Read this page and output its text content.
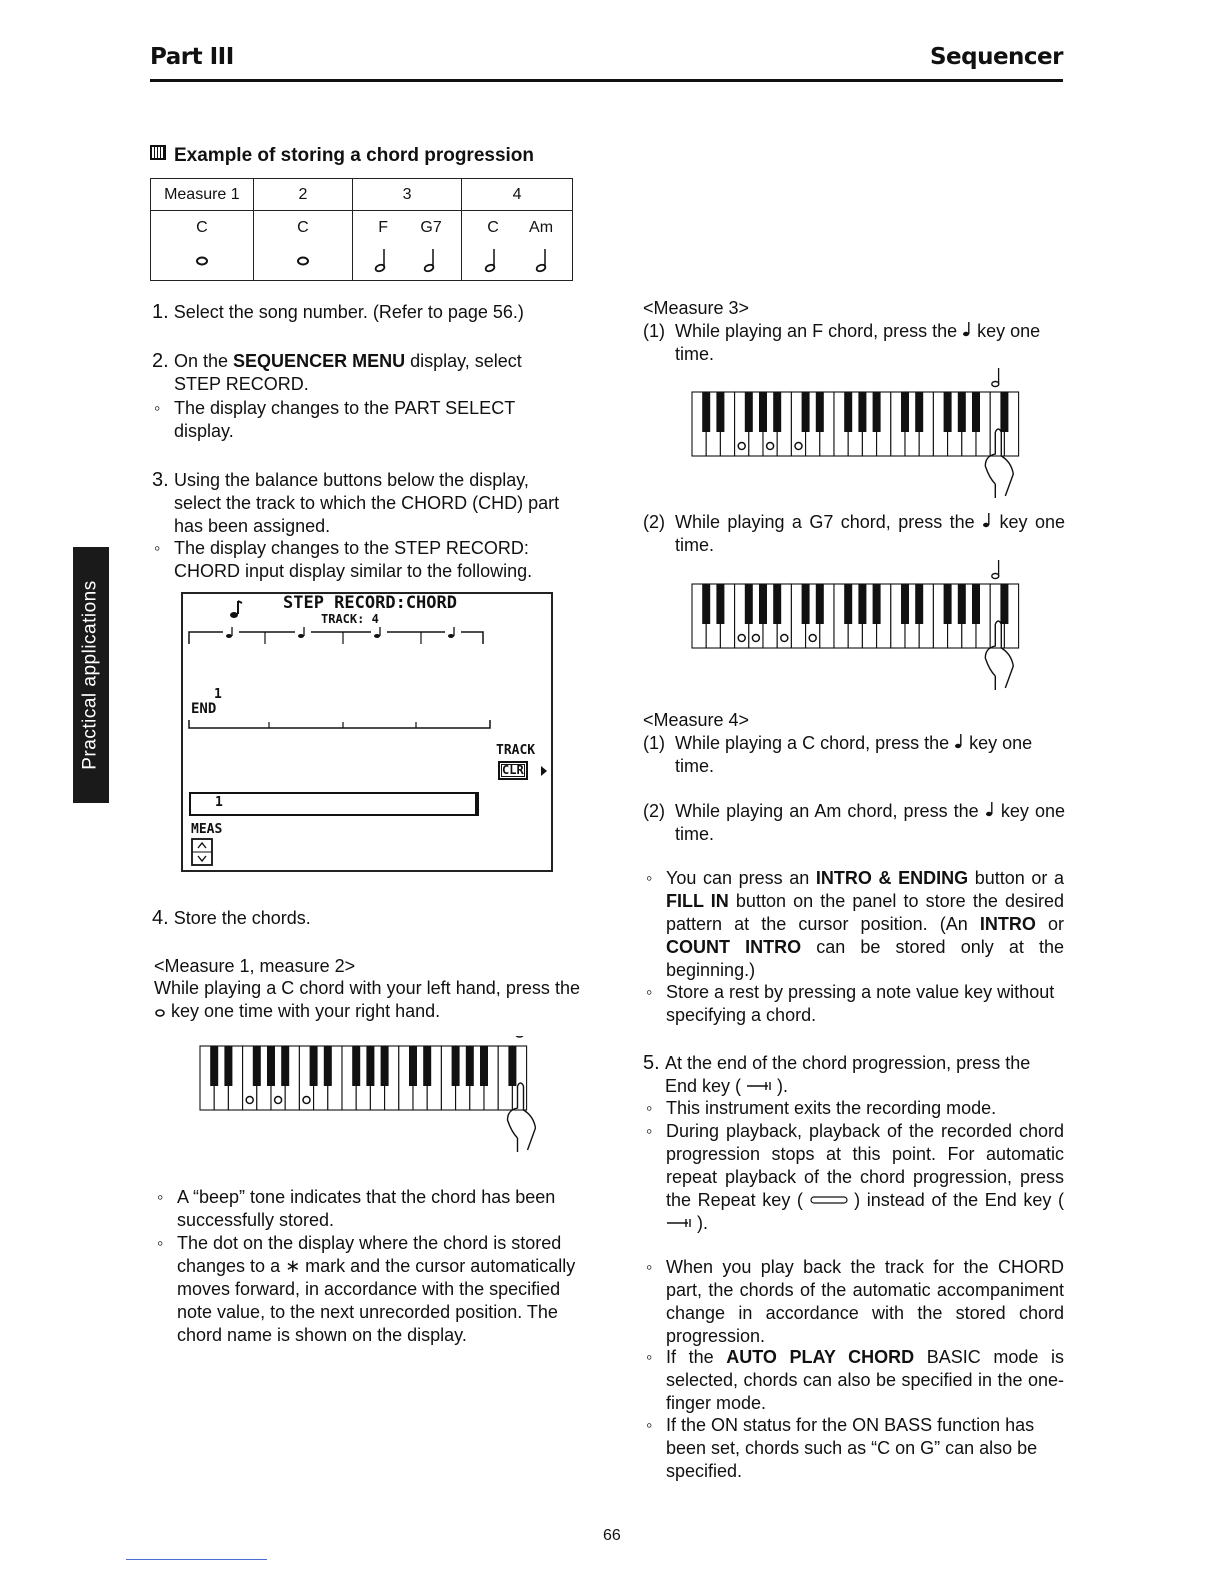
Part III	Sequencer
Practical applications
Example of storing a chord progression
Measure 1	2	3	4
C	C	F G7	C Am

1. Select the song number. (Refer to page 56.)
2. On the SEQUENCER MENU display, select
STEP RECORD.
◦ The display changes to the PART SELECT display.
3. Using the balance buttons below the display, select the track to which the CHORD (CHD) part has been assigned.
◦ The display changes to the STEP RECORD: CHORD input display similar to the following.
STEP RECORD:CHORD
TRACK: 4
1
END
TRACK
CLR
1
MEAS
4. Store the chords.
<Measure 1, measure 2>
While playing a C chord with your left hand, press the  key one time with your right hand.
◦ A “beep” tone indicates that the chord has been successfully stored.
◦ The dot on the display where the chord is stored changes to a ∗ mark and the cursor automatically moves forward, in accordance with the specified note value, to the next unrecorded position. The chord name is shown on the display.
<Measure 3>
(1) While playing an F chord, press the  key one time.
(2) While playing a G7 chord, press the  key one time.
<Measure 4>
(1) While playing a C chord, press the  key one time.
(2) While playing an Am chord, press the  key one time.
◦ You can press an INTRO & ENDING button or a FILL IN button on the panel to store the desired pattern at the cursor position. (An INTRO or COUNT INTRO can be stored only at the beginning.)
◦ Store a rest by pressing a note value key without specifying a chord.
5. At the end of the chord progression, press the End key (  ).
◦ This instrument exits the recording mode.
◦ During playback, playback of the recorded chord progression stops at this point. For automatic repeat playback of the chord progression, press the Repeat key (  ) instead of the End key (  ).
◦ When you play back the track for the CHORD part, the chords of the automatic accompaniment change in accordance with the stored chord progression.
◦ If the AUTO PLAY CHORD BASIC mode is selected, chords can also be specified in the one-finger mode.
◦ If the ON status for the ON BASS function has been set, chords such as “C on G” can also be specified.
66
